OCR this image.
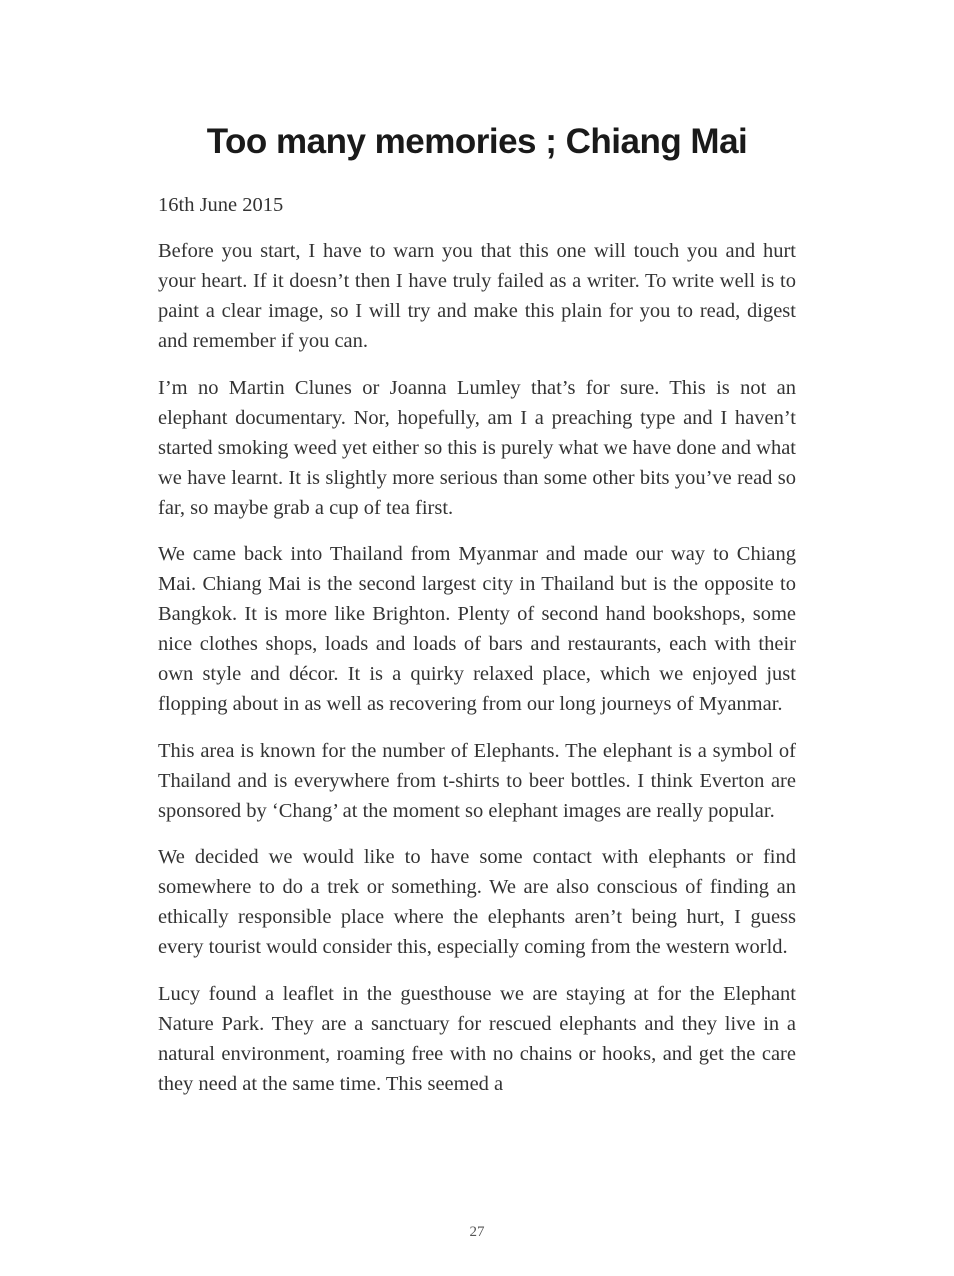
Too many memories ; Chiang Mai

16th June 2015

Before you start, I have to warn you that this one will touch you and hurt your heart. If it doesn’t then I have truly failed as a writer. To write well is to paint a clear image, so I will try and make this plain for you to read, digest and remember if you can.

I’m no Martin Clunes or Joanna Lumley that’s for sure. This is not an elephant documentary. Nor, hopefully, am I a preaching type and I haven’t started smoking weed yet either so this is purely what we have done and what we have learnt. It is slightly more serious than some other bits you’ve read so far, so maybe grab a cup of tea first.

We came back into Thailand from Myanmar and made our way to Chiang Mai. Chiang Mai is the second largest city in Thailand but is the opposite to Bangkok. It is more like Brighton. Plenty of second hand bookshops, some nice clothes shops, loads and loads of bars and restaurants, each with their own style and décor. It is a quirky relaxed place, which we enjoyed just flopping about in as well as recovering from our long journeys of Myanmar.

This area is known for the number of Elephants. The elephant is a symbol of Thailand and is everywhere from t-shirts to beer bottles. I think Everton are sponsored by ‘Chang’ at the moment so elephant images are really popular.

We decided we would like to have some contact with elephants or find somewhere to do a trek or something. We are also conscious of finding an ethically responsible place where the elephants aren’t being hurt, I guess every tourist would consider this, especially coming from the western world.

Lucy found a leaflet in the guesthouse we are staying at for the Elephant Nature Park. They are a sanctuary for rescued elephants and they live in a natural environment, roaming free with no chains or hooks, and get the care they need at the same time. This seemed a

27
